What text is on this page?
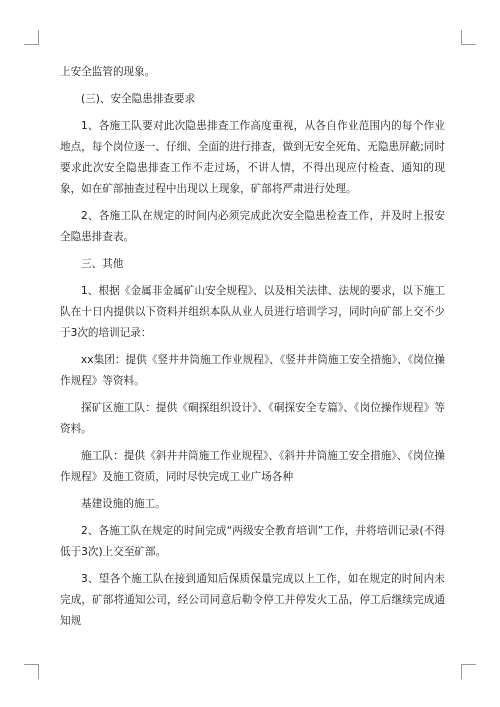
上安全监管的现象。

(三)、安全隐患排查要求

1、各施工队要对此次隐患排查工作高度重视，从各自作业范围内的每个作业地点，每个岗位逐一、仔细、全面的进行排查，做到无安全死角、无隐患屏蔽;同时要求此次安全隐患排查工作不走过场，不讲人情，不得出现应付检查、通知的现象，如在矿部抽查过程中出现以上现象，矿部将严肃进行处理。

2、各施工队在规定的时间内必须完成此次安全隐患检查工作，并及时上报安全隐患排查表。

三、其他

1、根据《金属非金属矿山安全规程》、以及相关法律、法规的要求，以下施工队在十日内提供以下资料并组织本队从业人员进行培训学习，同时向矿部上交不少于3次的培训记录：

xx集团：提供《竖井井筒施工作业规程》、《竖井井筒施工安全措施》、《岗位操作规程》等资料。

探矿区施工队：提供《硐探组织设计》、《硐探安全专篇》、《岗位操作规程》等资料。

施工队：提供《斜井井筒施工作业规程》、《斜井井筒施工安全措施》、《岗位操作规程》及施工资质，同时尽快完成工业广场各种

基建设施的施工。

2、各施工队在规定的时间完成“两级安全教育培训”工作，并将培训记录(不得低于3次)上交至矿部。

3、望各个施工队在接到通知后保质保量完成以上工作，如在规定的时间内未完成，矿部将通知公司，经公司同意后勒令停工并停发火工品，停工后继续完成通知规
